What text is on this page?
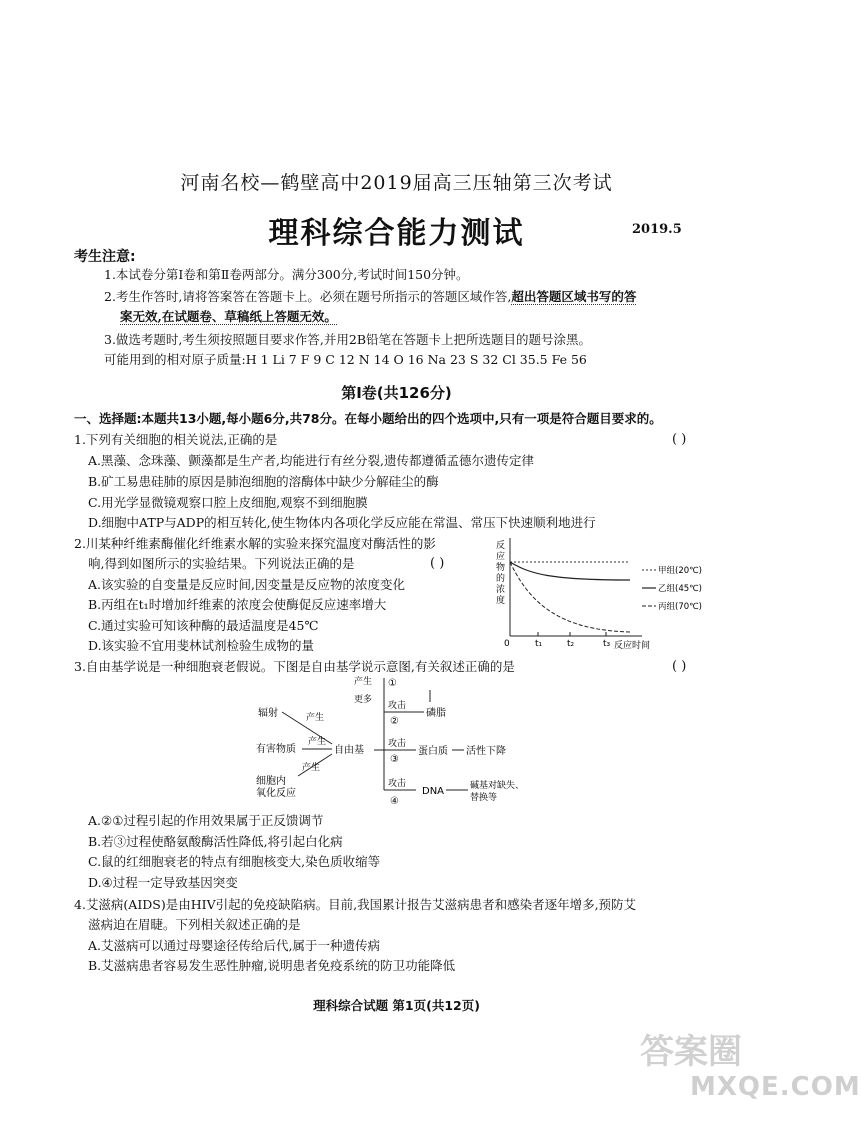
河南名校—鹤壁高中2019届高三压轴第三次考试
理科综合能力测试	2019.5
考生注意:
1.本试卷分第Ⅰ卷和第Ⅱ卷两部分。满分300分,考试时间150分钟。
2.考生作答时,请将答案答在答题卡上。必须在题号所指示的答题区域作答,超出答题区域书写的答
案无效,在试题卷、草稿纸上答题无效。
3.做选考题时,考生须按照题目要求作答,并用2B铅笔在答题卡上把所选题目的题号涂黑。
可能用到的相对原子质量:H 1 Li 7 F 9 C 12 N 14 O 16 Na 23 S 32 Cl 35.5 Fe 56
第Ⅰ卷(共126分)
一、选择题:本题共13小题,每小题6分,共78分。在每小题给出的四个选项中,只有一项是符合题目要求的。
1.下列有关细胞的相关说法,正确的是	( )
A.黑藻、念珠藻、颤藻都是生产者,均能进行有丝分裂,遗传都遵循孟德尔遗传定律
B.矿工易患硅肺的原因是肺泡细胞的溶酶体中缺少分解硅尘的酶
C.用光学显微镜观察口腔上皮细胞,观察不到细胞膜
D.细胞中ATP与ADP的相互转化,使生物体内各项化学反应能在常温、常压下快速顺利地进行
2.川某种纤维素酶催化纤维素水解的实验来探究温度对酶活性的影
响,得到如图所示的实验结果。下列说法正确的是	( )
A.该实验的自变量是反应时间,因变量是反应物的浓度变化
B.丙组在t₁时增加纤维素的浓度会使酶促反应速率增大
C.通过实验可知该种酶的最适温度是45℃
D.该实验不宜用斐林试剂检验生成物的量
反
应
物
的
浓
度
0	t₁	t₂	t₃ 反应时间
甲组(20℃)
乙组(45℃)
丙组(70℃)
3.自由基学说是一种细胞衰老假说。下图是自由基学说示意图,有关叙述正确的是	( )
辐射
有害物质
细胞内
氧化反应
产生
产生
产生
自由基
产生
更多
①
攻击
②
磷脂
攻击
③
蛋白质 活性下降
攻击
④
DNA	碱基对缺失、
替换等
A.②①过程引起的作用效果属于正反馈调节
B.若③过程使酪氨酸酶活性降低,将引起白化病
C.鼠的红细胞衰老的特点有细胞核变大,染色质收缩等
D.④过程一定导致基因突变
4.艾滋病(AIDS)是由HIV引起的免疫缺陷病。目前,我国累计报告艾滋病患者和感染者逐年增多,预防艾
滋病迫在眉睫。下列相关叙述正确的是
A.艾滋病可以通过母婴途径传给后代,属于一种遗传病
B.艾滋病患者容易发生恶性肿瘤,说明患者免疫系统的防卫功能降低
理科综合试题 第1页(共12页)
答案圈
MXQE.COM
